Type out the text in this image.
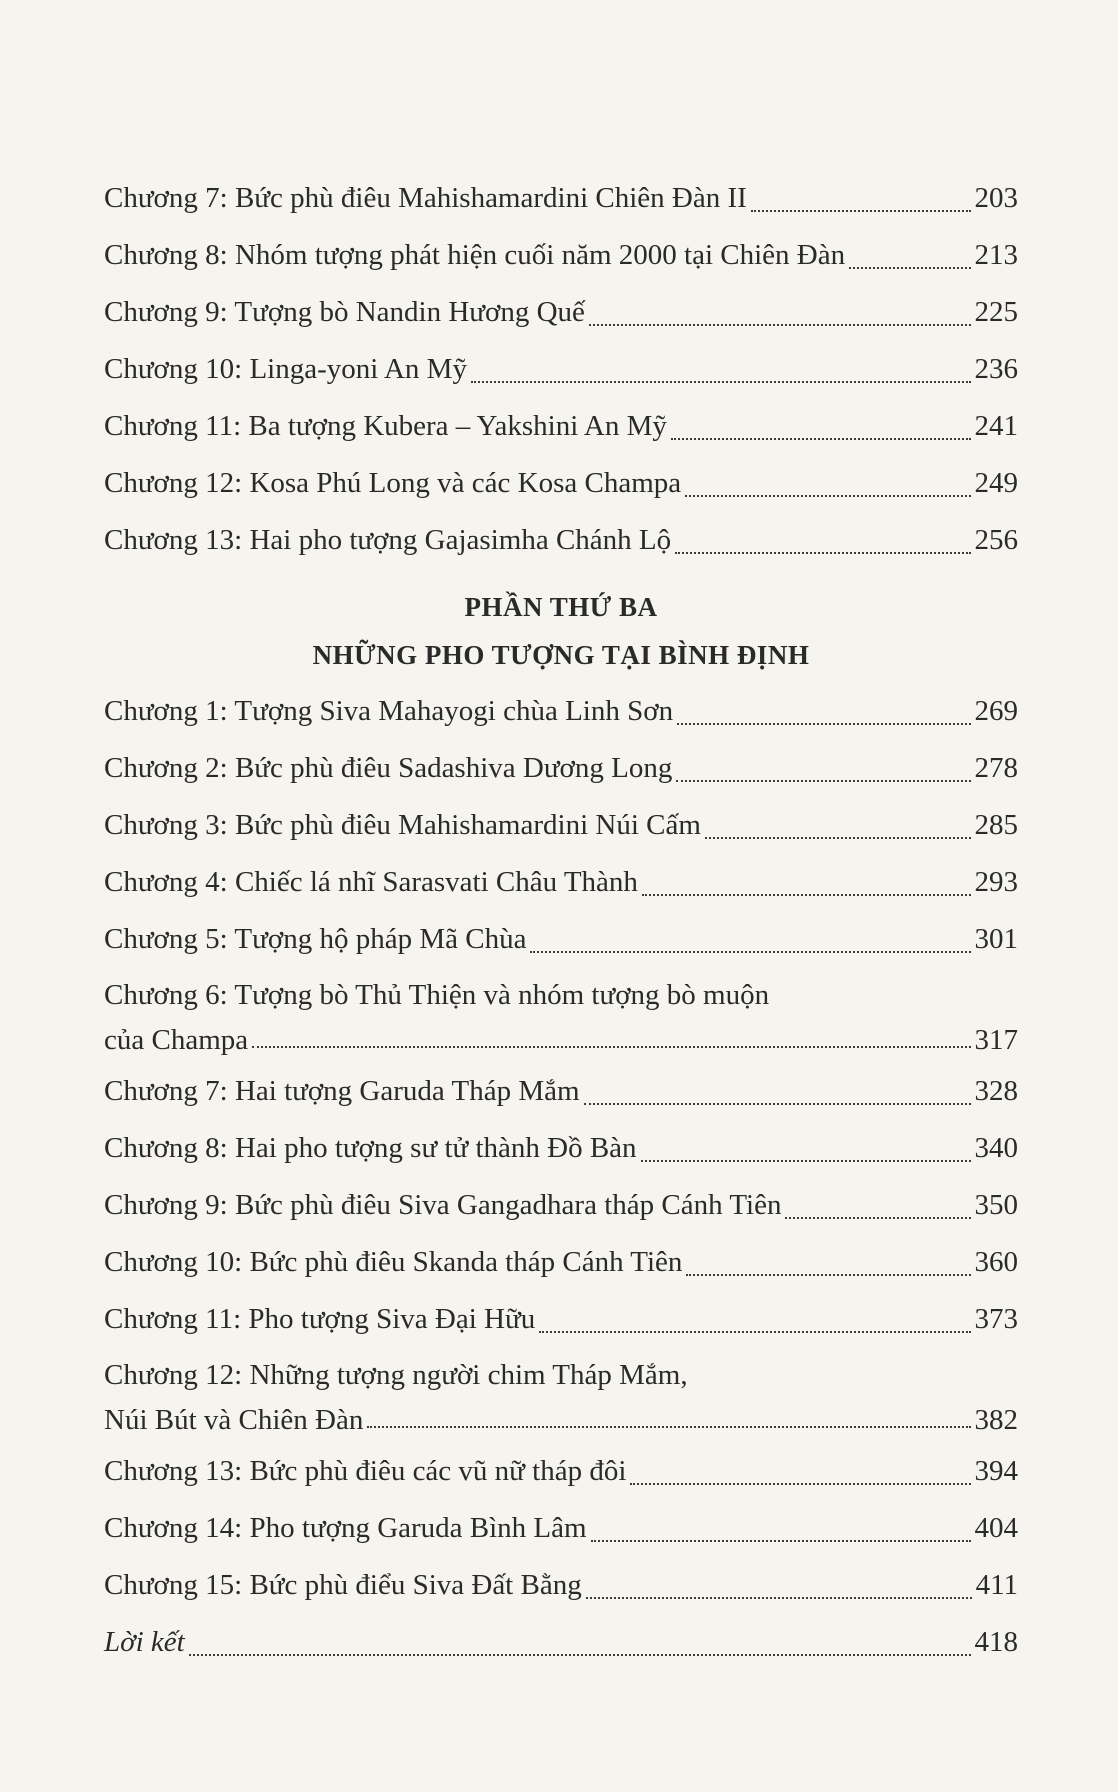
Chương 7: Bức phù điêu Mahishamardini Chiên Đàn II	203
Chương 8: Nhóm tượng phát hiện cuối năm 2000 tại Chiên Đàn	213
Chương 9: Tượng bò Nandin Hương Quế	225
Chương 10: Linga-yoni An Mỹ	236
Chương 11: Ba tượng Kubera – Yakshini An Mỹ	241
Chương 12: Kosa Phú Long và các Kosa Champa	249
Chương 13: Hai pho tượng Gajasimha Chánh Lộ	256
PHẦN THỨ BA
NHỮNG PHO TƯỢNG TẠI BÌNH ĐỊNH
Chương 1: Tượng Siva Mahayogi chùa Linh Sơn	269
Chương 2: Bức phù điêu Sadashiva Dương Long	278
Chương 3: Bức phù điêu Mahishamardini Núi Cấm	285
Chương 4: Chiếc lá nhĩ Sarasvati Châu Thành	293
Chương 5: Tượng hộ pháp Mã Chùa	301
Chương 6: Tượng bò Thủ Thiện và nhóm tượng bò muộn
của Champa	317
Chương 7: Hai tượng Garuda Tháp Mắm	328
Chương 8: Hai pho tượng sư tử thành Đồ Bàn	340
Chương 9: Bức phù điêu Siva Gangadhara tháp Cánh Tiên	350
Chương 10: Bức phù điêu Skanda tháp Cánh Tiên	360
Chương 11: Pho tượng Siva Đại Hữu	373
Chương 12: Những tượng người chim Tháp Mắm,
Núi Bút và Chiên Đàn	382
Chương 13: Bức phù điêu các vũ nữ tháp đôi	394
Chương 14: Pho tượng Garuda Bình Lâm	404
Chương 15: Bức phù điểu Siva Đất Bằng	411
Lời kết	418
